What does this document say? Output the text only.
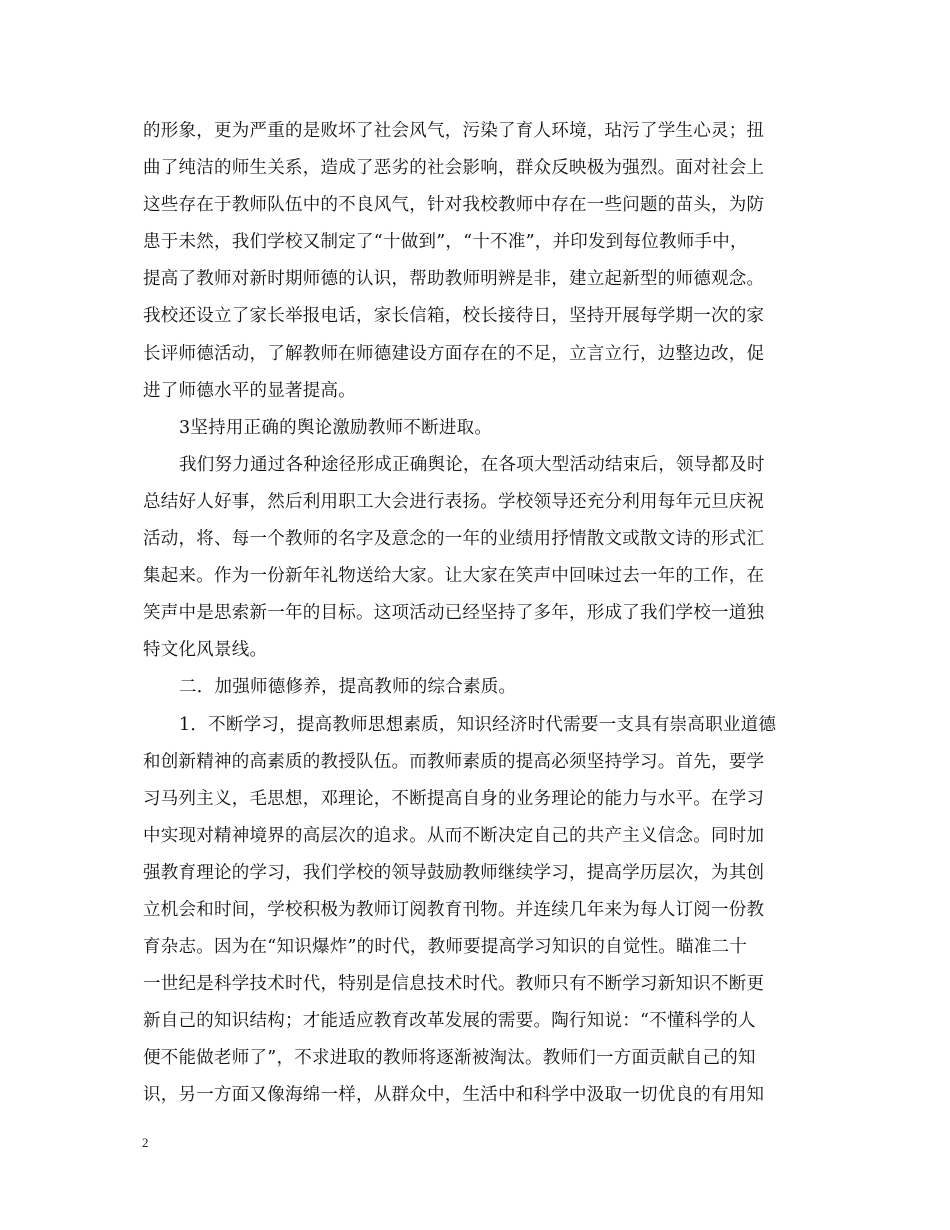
的形象，更为严重的是败坏了社会风气，污染了育人环境，玷污了学生心灵；扭
曲了纯洁的师生关系，造成了恶劣的社会影响，群众反映极为强烈。面对社会上
这些存在于教师队伍中的不良风气，针对我校教师中存在一些问题的苗头，为防
患于未然，我们学校又制定了“十做到”，“十不准”，并印发到每位教师手中，
提高了教师对新时期师德的认识，帮助教师明辨是非，建立起新型的师德观念。
我校还设立了家长举报电话，家长信箱，校长接待日，坚持开展每学期一次的家
长评师德活动，了解教师在师德建设方面存在的不足，立言立行，边整边改，促
进了师德水平的显著提高。
3坚持用正确的舆论激励教师不断进取。
我们努力通过各种途径形成正确舆论，在各项大型活动结束后，领导都及时
总结好人好事，然后利用职工大会进行表扬。学校领导还充分利用每年元旦庆祝
活动，将、每一个教师的名字及意念的一年的业绩用抒情散文或散文诗的形式汇
集起来。作为一份新年礼物送给大家。让大家在笑声中回味过去一年的工作，在
笑声中是思索新一年的目标。这项活动已经坚持了多年，形成了我们学校一道独
特文化风景线。
二．加强师德修养，提高教师的综合素质。
1．不断学习，提高教师思想素质，知识经济时代需要一支具有崇高职业道德
和创新精神的高素质的教授队伍。而教师素质的提高必须坚持学习。首先，要学
习马列主义，毛思想，邓理论，不断提高自身的业务理论的能力与水平。在学习
中实现对精神境界的高层次的追求。从而不断决定自己的共产主义信念。同时加
强教育理论的学习，我们学校的领导鼓励教师继续学习，提高学历层次，为其创
立机会和时间，学校积极为教师订阅教育刊物。并连续几年来为每人订阅一份教
育杂志。因为在“知识爆炸”的时代，教师要提高学习知识的自觉性。瞄准二十
一世纪是科学技术时代，特别是信息技术时代。教师只有不断学习新知识不断更
新自己的知识结构；才能适应教育改革发展的需要。陶行知说：“不懂科学的人
便不能做老师了”，不求进取的教师将逐渐被淘汰。教师们一方面贡献自己的知
识，另一方面又像海绵一样，从群众中，生活中和科学中汲取一切优良的有用知
2
